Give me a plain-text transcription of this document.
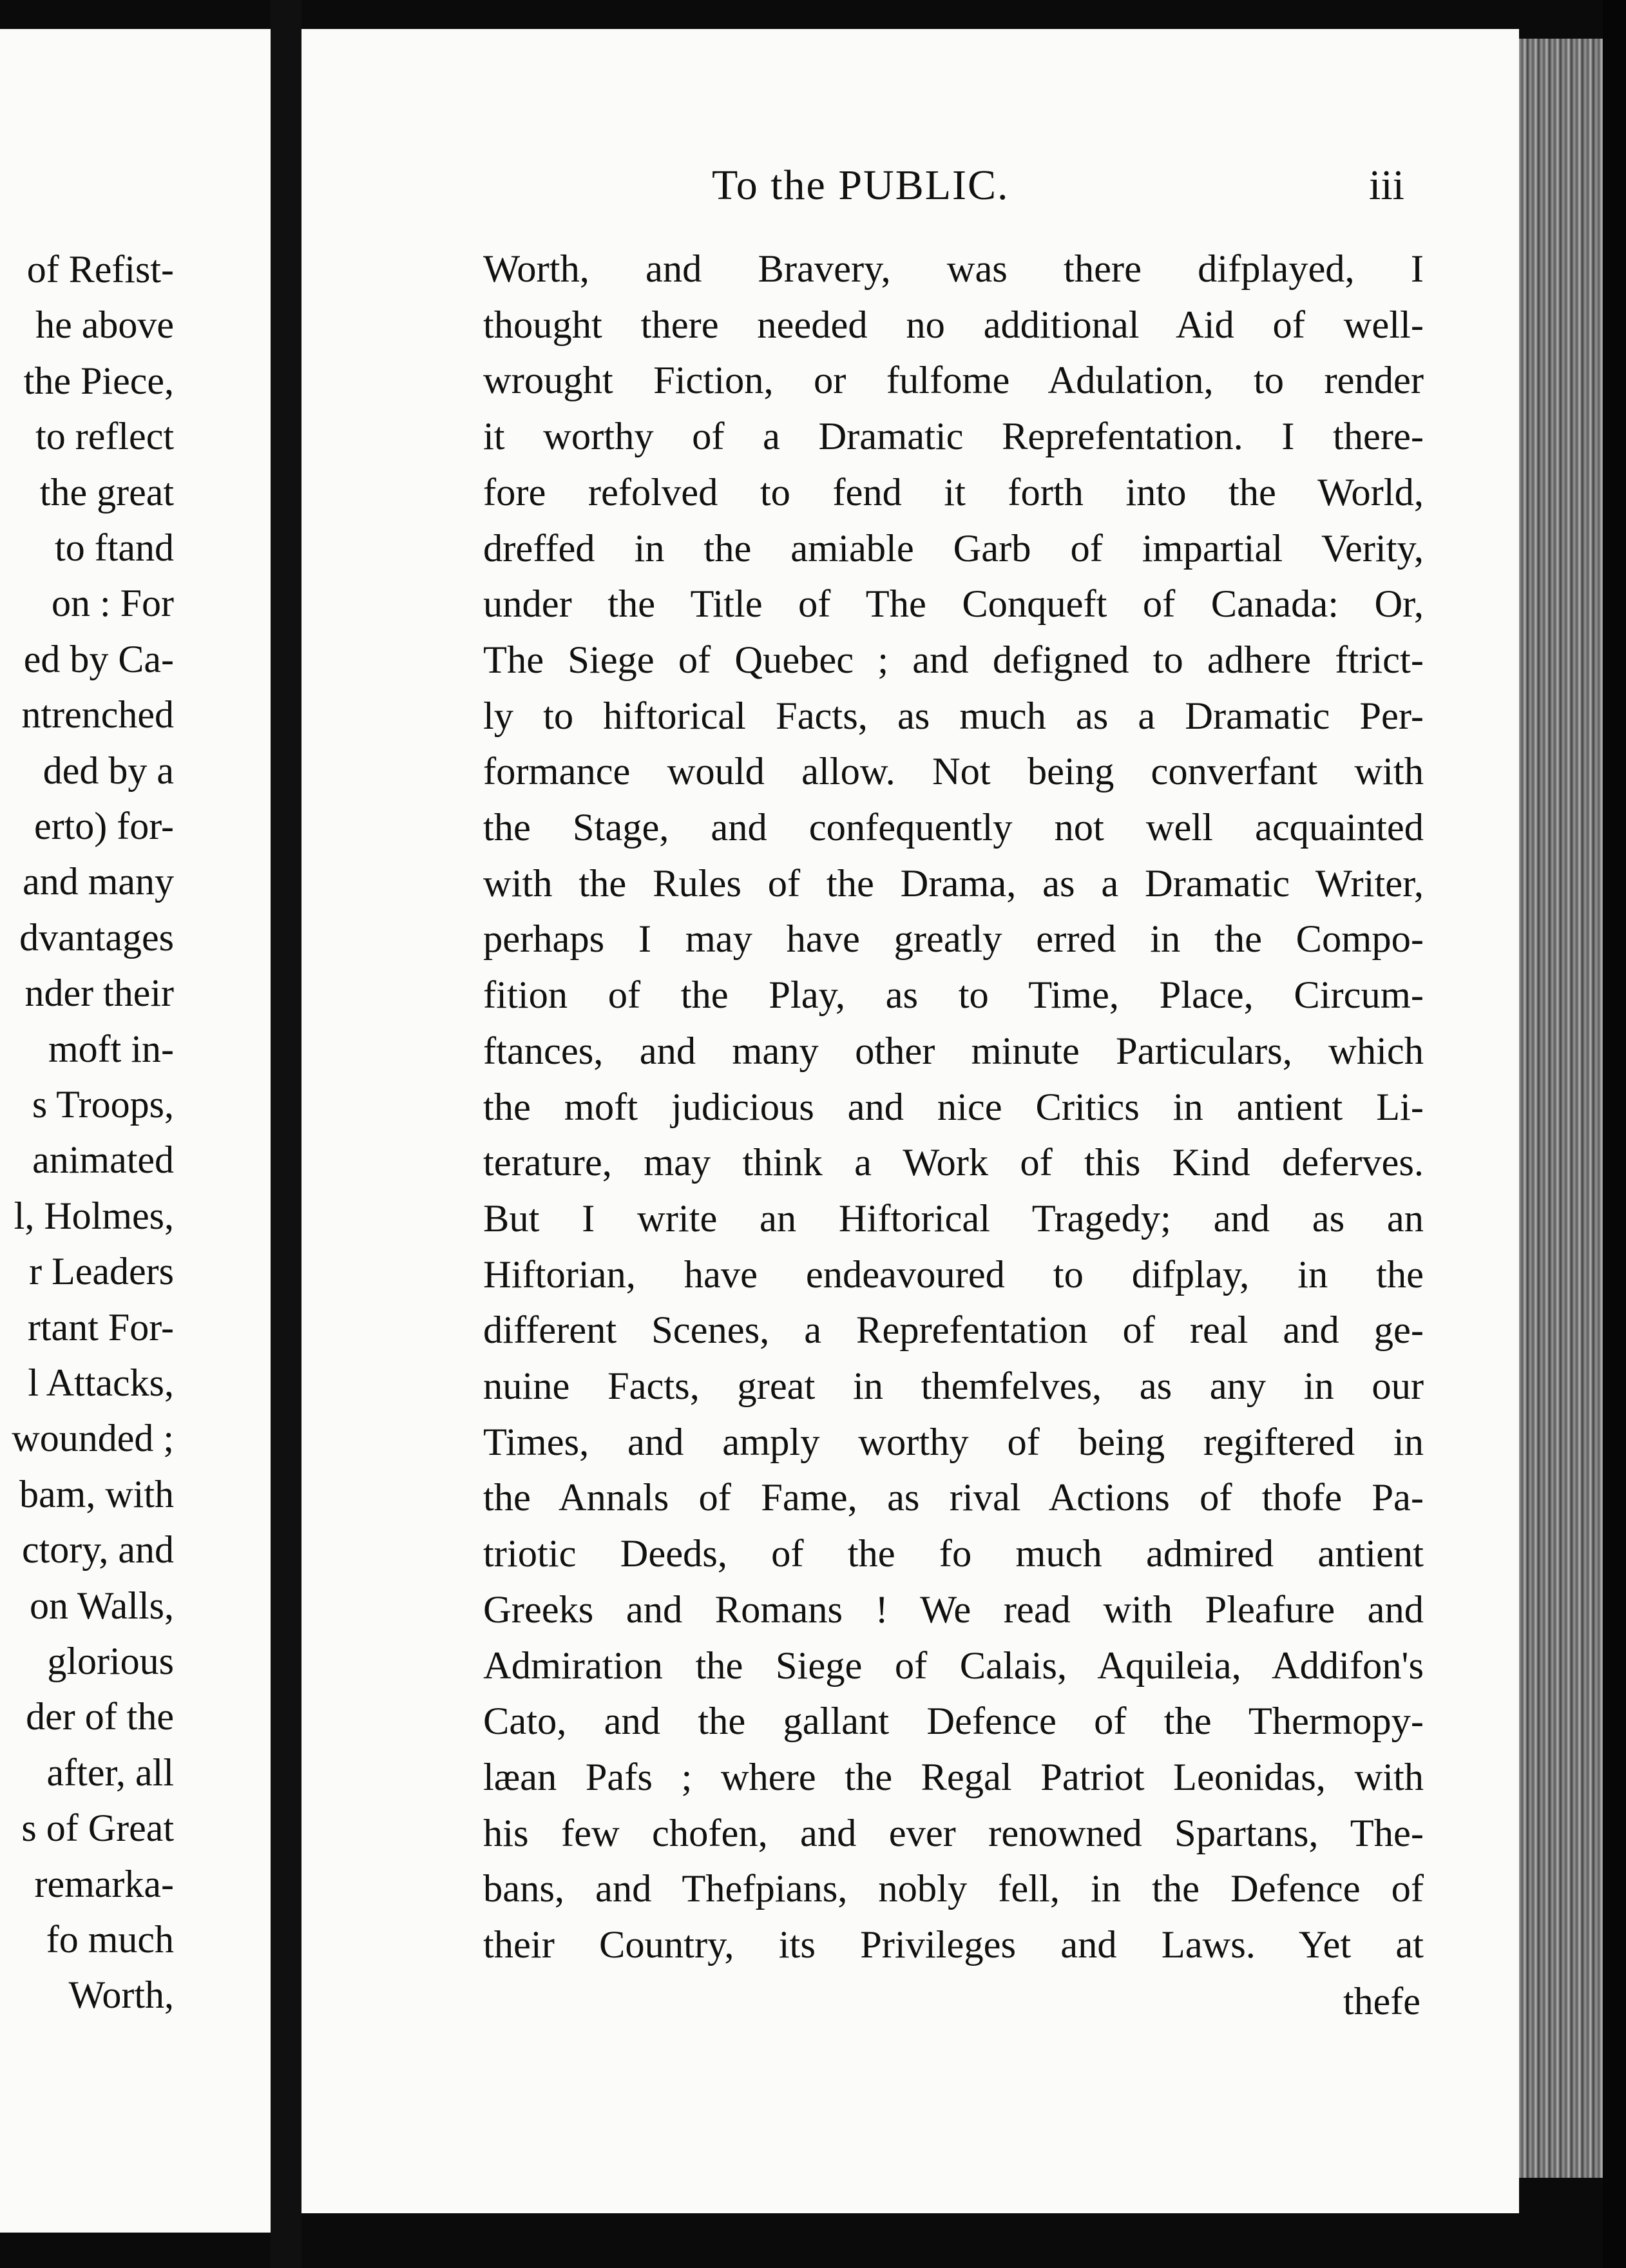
of Refist-
he above
the Piece,
to reflect
the great
to ftand
on : For
ed by Ca-
ntrenched
ded by a
erto) for-
and many
dvantages
nder their
moft in-
s Troops,
animated
l, Holmes,
r Leaders
rtant For-
l Attacks,
wounded ;
bam, with
ctory, and
on Walls,
glorious
der of the
after, all
s of Great
remarka-
fo much
Worth,
To the PUBLIC.	iii
Worth, and Bravery, was there difplayed, I
thought there needed no additional Aid of well-
wrought Fiction, or fulfome Adulation, to render
it worthy of a Dramatic Reprefentation. I there-
fore refolved to fend it forth into the World,
dreffed in the amiable Garb of impartial Verity,
under the Title of The Conqueft of Canada: Or,
The Siege of Quebec ; and defigned to adhere ftrict-
ly to hiftorical Facts, as much as a Dramatic Per-
formance would allow. Not being converfant with
the Stage, and confequently not well acquainted
with the Rules of the Drama, as a Dramatic Writer,
perhaps I may have greatly erred in the Compo-
fition of the Play, as to Time, Place, Circum-
ftances, and many other minute Particulars, which
the moft judicious and nice Critics in antient Li-
terature, may think a Work of this Kind deferves.
But I write an Hiftorical Tragedy; and as an
Hiftorian, have endeavoured to difplay, in the
different Scenes, a Reprefentation of real and ge-
nuine Facts, great in themfelves, as any in our
Times, and amply worthy of being regiftered in
the Annals of Fame, as rival Actions of thofe Pa-
triotic Deeds, of the fo much admired antient
Greeks and Romans ! We read with Pleafure and
Admiration the Siege of Calais, Aquileia, Addifon's
Cato, and the gallant Defence of the Thermopy-
læan Pafs ; where the Regal Patriot Leonidas, with
his few chofen, and ever renowned Spartans, The-
bans, and Thefpians, nobly fell, in the Defence of
their Country, its Privileges and Laws. Yet at
thefe
